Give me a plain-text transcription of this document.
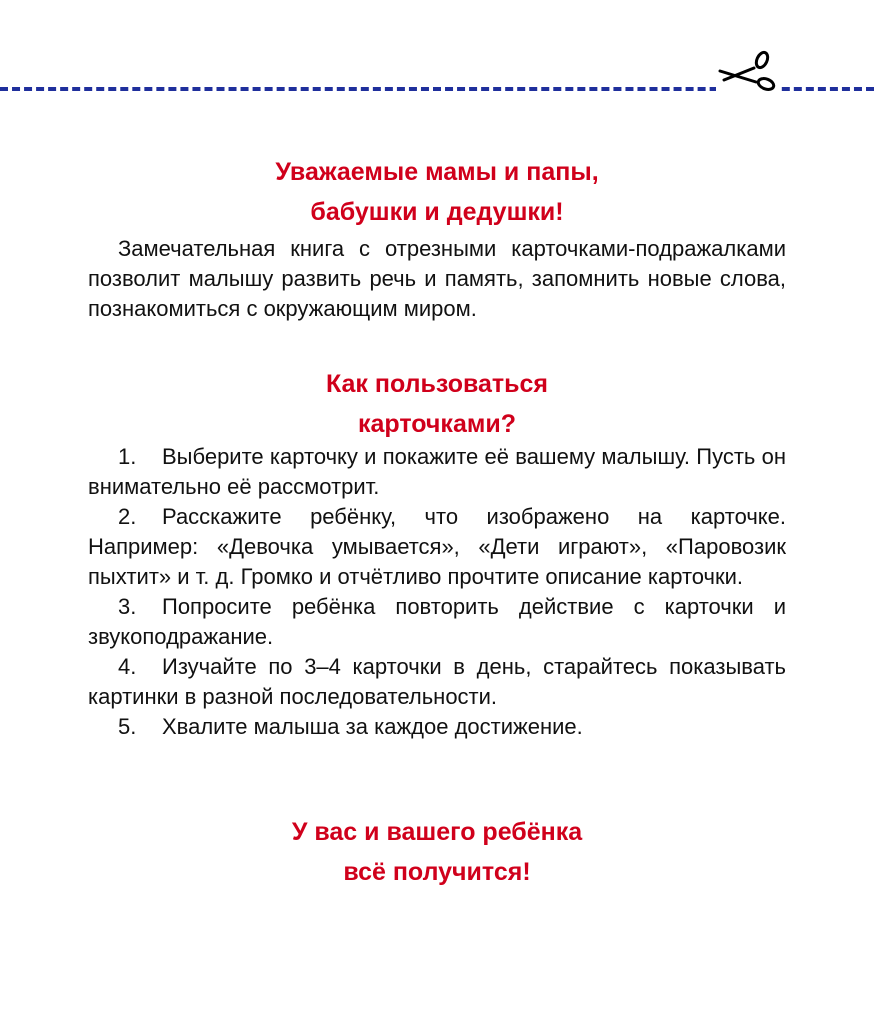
Уважаемые мамы и папы,
бабушки и дедушки!

Замечательная книга с отрезными карточками-подражалками позволит малышу развить речь и память, запомнить новые слова, познакомиться с окружающим миром.

Как пользоваться
карточками?
1. Выберите карточку и покажите её вашему малышу. Пусть он внимательно её рассмотрит.
2. Расскажите ребёнку, что изображено на карточке. Например: «Девочка умывается», «Дети играют», «Паровозик пыхтит» и т. д. Громко и отчётливо прочтите описание карточки.
3. Попросите ребёнка повторить действие с карточки и звукоподражание.
4. Изучайте по 3–4 карточки в день, старайтесь показывать картинки в разной последовательности.
5. Хвалите малыша за каждое достижение.
У вас и вашего ребёнка
всё получится!
